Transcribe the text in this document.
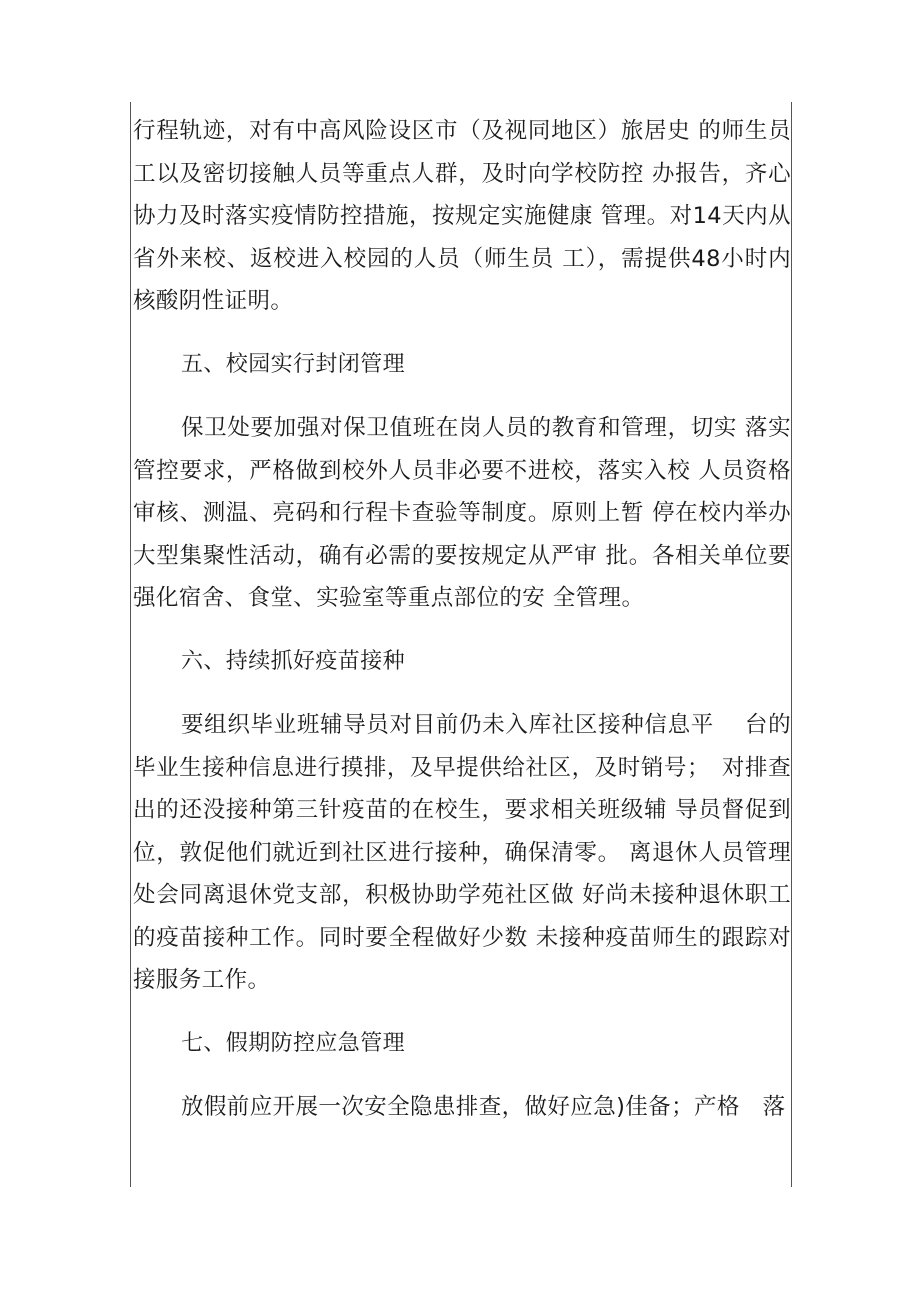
行程轨迹，对有中高风险设区市（及视同地区）旅居史 的师生员工以及密切接触人员等重点人群，及时向学校防控 办报告，齐心协力及时落实疫情防控措施，按规定实施健康 管理。对14天内从省外来校、返校进入校园的人员（师生员 工），需提供48小时内核酸阴性证明。

五、校园实行封闭管理

保卫处要加强对保卫值班在岗人员的教育和管理，切实 落实管控要求，严格做到校外人员非必要不进校，落实入校 人员资格审核、测温、亮码和行程卡查验等制度。原则上暂 停在校内举办大型集聚性活动，确有必需的要按规定从严审 批。各相关单位要强化宿舍、食堂、实验室等重点部位的安 全管理。

六、持续抓好疫苗接种

要组织毕业班辅导员对目前仍未入库社区接种信息平　 台的毕业生接种信息进行摸排，及早提供给社区，及时销号；　对排查出的还没接种第三针疫苗的在校生，要求相关班级辅 导员督促到位，敦促他们就近到社区进行接种，确保清零。 离退休人员管理处会同离退休党支部，积极协助学苑社区做 好尚未接种退休职工的疫苗接种工作。同时要全程做好少数 未接种疫苗师生的跟踪对接服务工作。

七、假期防控应急管理

放假前应开展一次安全隐患排查，做好应急)佳备；产格　落
